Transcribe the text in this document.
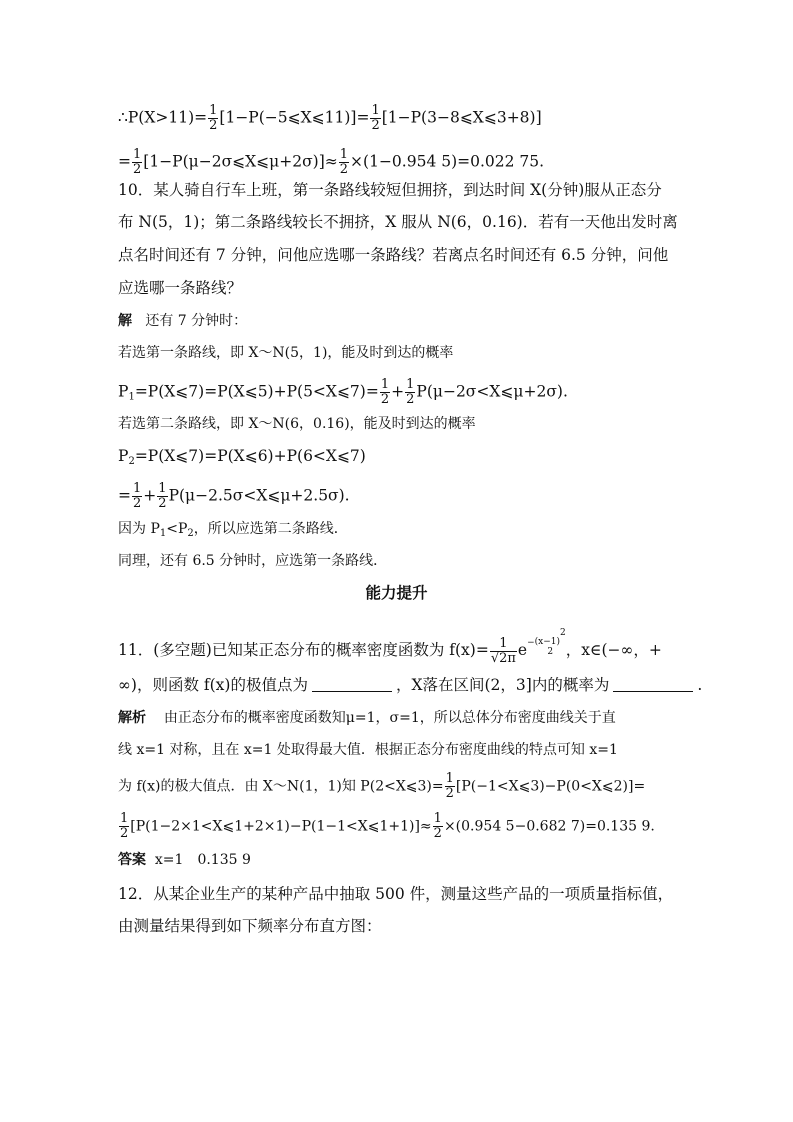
∴P(X>11)= $\frac{1}{2}$ [1−P(−5⩽X⩽11)]= $\frac{1}{2}$ [1−P(3−8⩽X⩽3+8)]
= $\frac{1}{2}$ [1−P(μ−2σ⩽X⩽μ+2σ)]≈ $\frac{1}{2} \times(1-0.954$ 5)=0.022 75.
10．某人骑自行车上班，第一条路线较短但拥挤，到达时间 X(分钟)服从正态分
布 N(5，1)；第二条路线较长不拥挤，X 服从 N(6，0.16)．若有一天他出发时离
点名时间还有 7 分钟，问他应选哪一条路线？若离点名时间还有 6.5 分钟，问他
应选哪一条路线？
解 还有 7 分钟时：
若选第一条路线，即 X～N(5，1)，能及时到达的概率
$P_1=P(X⩽7)=P(X⩽5)+P(5<X⩽7)= \frac{1}{2} + \frac{1}{2}$ P(μ−2σ<X⩽μ+2σ).
若选第二条路线，即 X～N(6，0.16)，能及时到达的概率
$P_2=P(X⩽7)=P(X⩽6)+P(6<X⩽7)$
= $\frac{1}{2} + \frac{1}{2}$ P(μ−2.5σ<X⩽μ+2.5σ).
因为 $P_1<P_2$，所以应选第二条路线．
同理，还有 6.5 分钟时，应选第一条路线．
能力提升
11．(多空题)已知某正态分布的概率密度函数为 $f(x)= \frac{1}{√2\pi} e- (x-1)2$
2 ，x∈(−∞，+
∞)，则函数 f(x)的极值点为	，X落在区间(2，3]内的概率为	.
解析 由正态分布的概率密度函数知μ=1，σ=1，所以总体分布密度曲线关于直
线 x=1 对称，且在 x=1 处取得最大值．根据正态分布密度曲线的特点可知 x=1
为 f(x)的极大值点．由 X～N(1，1)知 P(2<X⩽3)= $\frac{1}{2}$ [P(−1<X⩽3)−P(0<X⩽2)]=
$\frac{1}{2}$ [P(1−2×1<X⩽1+2×1)−P(1−1<X⩽1+1)]≈ $\frac{1}{2} \times(0.954$ 5−0.682 7)=0.135 9.
答案 x=1　0.135 9
12．从某企业生产的某种产品中抽取 500 件，测量这些产品的一项质量指标值，
由测量结果得到如下频率分布直方图：
